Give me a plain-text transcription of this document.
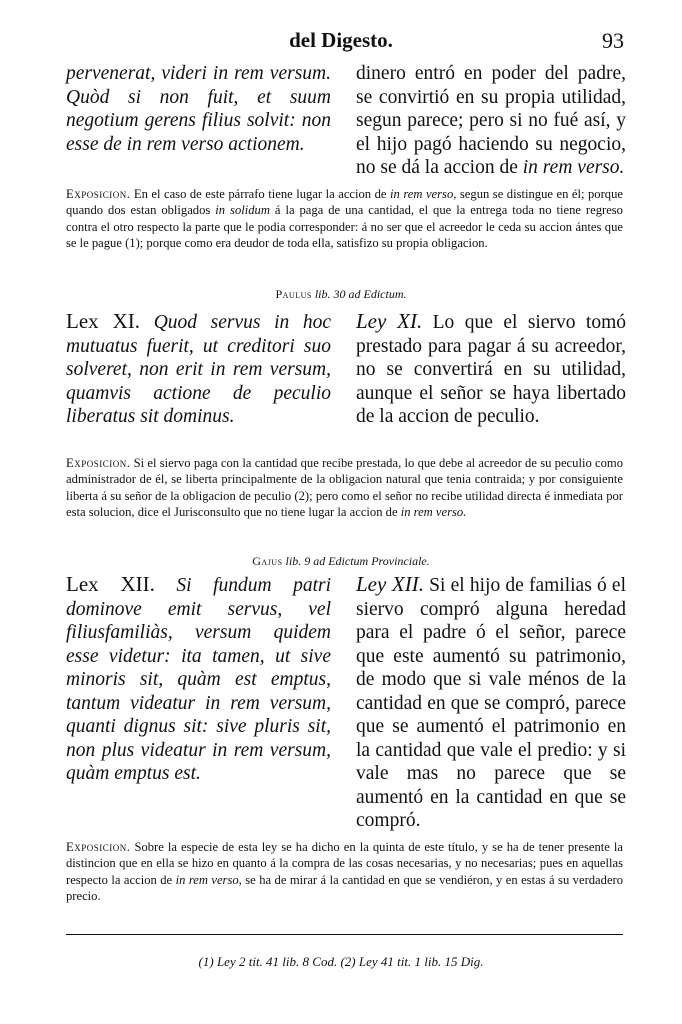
del Digesto.	93
pervenerat, videri in rem versum. Quòd si non fuit, et suum negotium gerens filius solvit: non esse de in rem verso actionem.
dinero entró en poder del padre, se convirtió en su propia utilidad, segun parece; pero si no fué así, y el hijo pagó haciendo su negocio, no se dá la accion de in rem verso.
Exposicion. En el caso de este párrafo tiene lugar la accion de in rem verso, segun se distingue en él; porque quando dos estan obligados in solidum á la paga de una cantidad, el que la entrega toda no tiene regreso contra el otro respecto la parte que le podia corresponder: á no ser que el acreedor le ceda su accion ántes que se le pague (1); porque como era deudor de toda ella, satisfizo su propia obligacion.
Paulus lib. 30 ad Edictum.
Lex XI. Quod servus in hoc mutuatus fuerit, ut creditori suo solveret, non erit in rem versum, quamvis actione de peculio liberatus sit dominus.
Ley XI. Lo que el siervo tomó prestado para pagar á su acreedor, no se convertirá en su utilidad, aunque el señor se haya libertado de la accion de peculio.
Exposicion. Si el siervo paga con la cantidad que recibe prestada, lo que debe al acreedor de su peculio como administrador de él, se liberta principalmente de la obligacion natural que tenia contraida; y por consiguiente liberta á su señor de la obligacion de peculio (2); pero como el señor no recibe utilidad directa é inmediata por esta solucion, dice el Jurisconsulto que no tiene lugar la accion de in rem verso.
Gajus lib. 9 ad Edictum Provinciale.
Lex XII. Si fundum patri dominove emit servus, vel filiusfamiliàs, versum quidem esse videtur: ita tamen, ut sive minoris sit, quàm est emptus, tantum videatur in rem versum, quanti dignus sit: sive pluris sit, non plus videatur in rem versum, quàm emptus est.
Ley XII. Si el hijo de familias ó el siervo compró alguna heredad para el padre ó el señor, parece que este aumentó su patrimonio, de modo que si vale ménos de la cantidad en que se compró, parece que se aumentó el patrimonio en la cantidad que vale el predio: y si vale mas no parece que se aumentó en la cantidad en que se compró.
Exposicion. Sobre la especie de esta ley se ha dicho en la quinta de este título, y se ha de tener presente la distincion que en ella se hizo en quanto á la compra de las cosas necesarias, y no necesarias; pues en aquellas respecto la accion de in rem verso, se ha de mirar á la cantidad en que se vendiéron, y en estas á su verdadero precio.
(1) Ley 2 tit. 41 lib. 8 Cod. (2) Ley 41 tit. 1 lib. 15 Dig.
